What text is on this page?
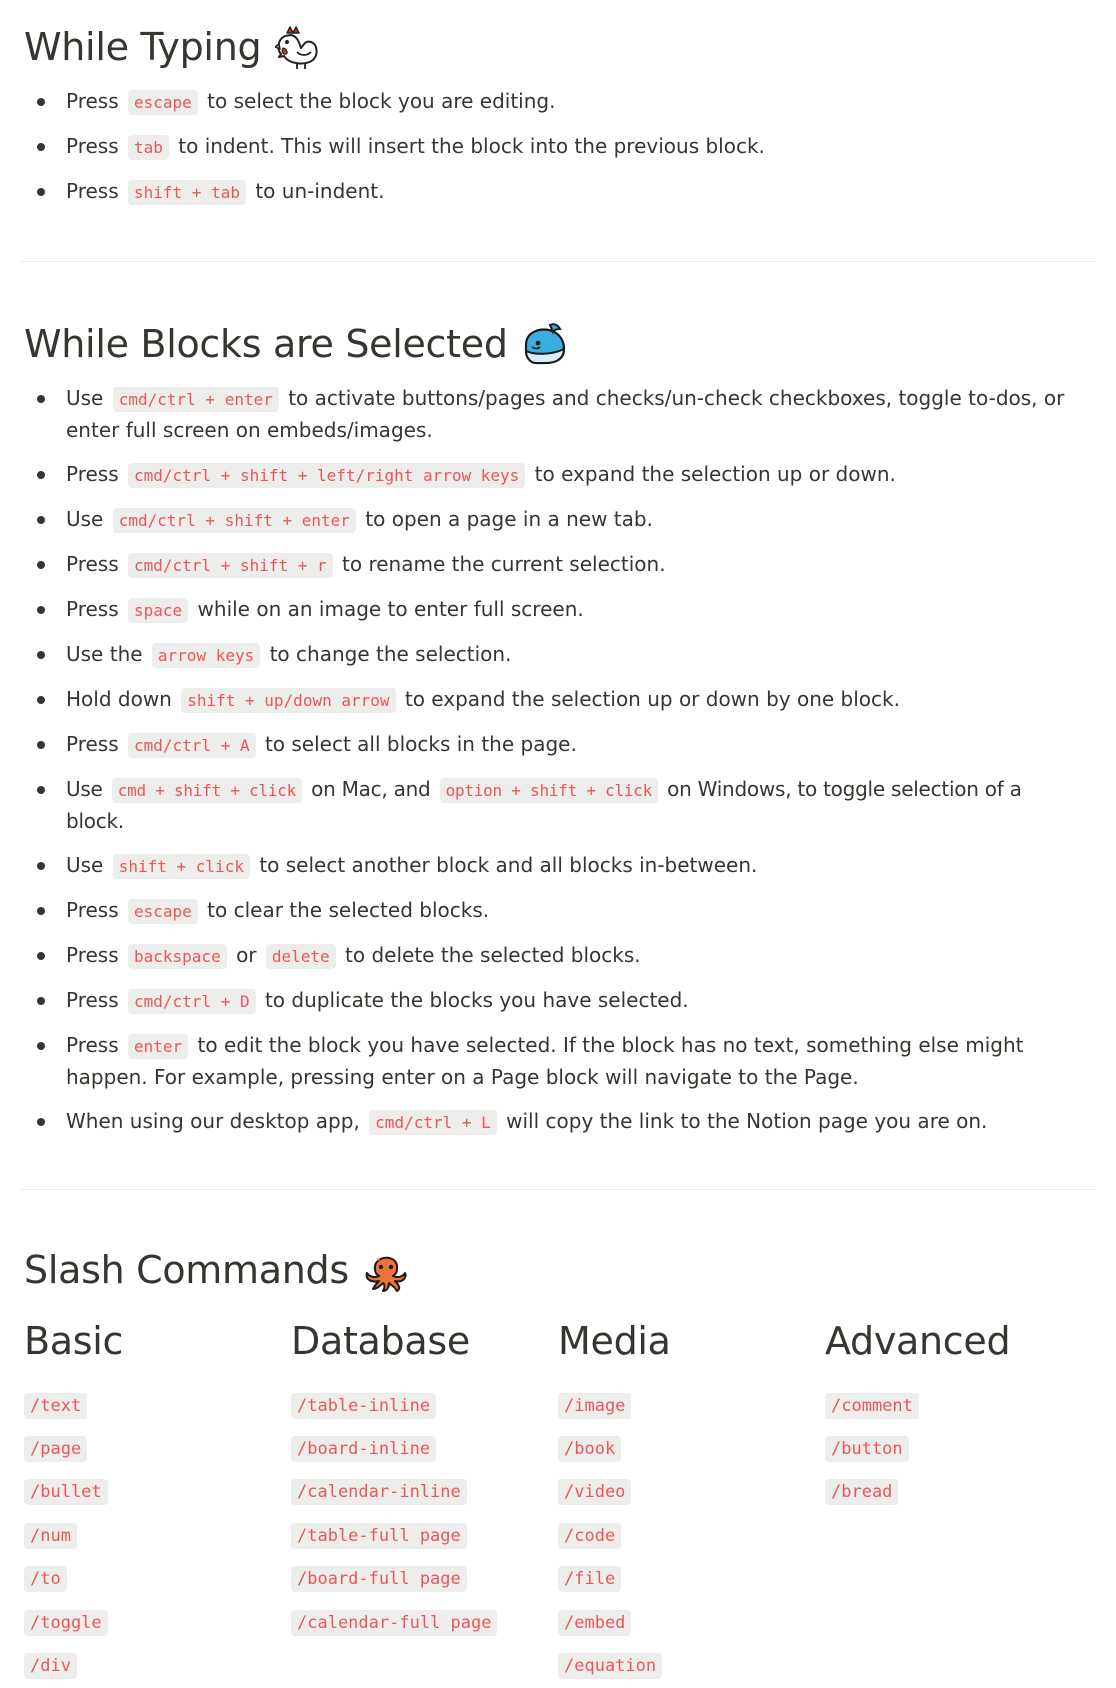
While Typing
Press escape to select the block you are editing.
Press tab to indent. This will insert the block into the previous block.
Press shift + tab to un-indent.
While Blocks are Selected
Use cmd/ctrl + enter to activate buttons/pages and checks/un-check checkboxes, toggle to-dos, or enter full screen on embeds/images.
Press cmd/ctrl + shift + left/right arrow keys to expand the selection up or down.
Use cmd/ctrl + shift + enter to open a page in a new tab.
Press cmd/ctrl + shift + r to rename the current selection.
Press space while on an image to enter full screen.
Use the arrow keys to change the selection.
Hold down shift + up/down arrow to expand the selection up or down by one block.
Press cmd/ctrl + A to select all blocks in the page.
Use cmd + shift + click on Mac, and option + shift + click on Windows, to toggle selection of a block.
Use shift + click to select another block and all blocks in-between.
Press escape to clear the selected blocks.
Press backspace or delete to delete the selected blocks.
Press cmd/ctrl + D to duplicate the blocks you have selected.
Press enter to edit the block you have selected. If the block has no text, something else might happen. For example, pressing enter on a Page block will navigate to the Page.
When using our desktop app, cmd/ctrl + L will copy the link to the Notion page you are on.
Slash Commands
Basic
/text
/page
/bullet
/num
/to
/toggle
/div
Database
/table-inline
/board-inline
/calendar-inline
/table-full page
/board-full page
/calendar-full page
Media
/image
/book
/video
/code
/file
/embed
/equation
Advanced
/comment
/button
/bread
